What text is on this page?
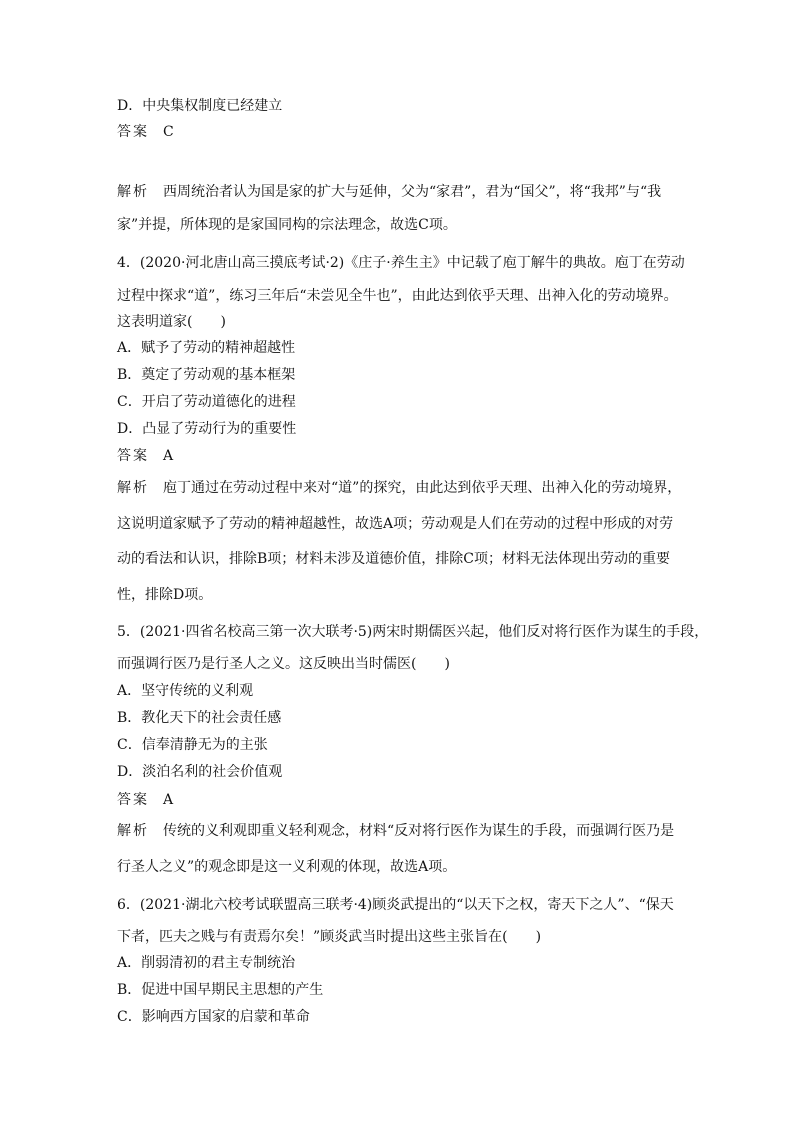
D．中央集权制度已经建立
答案 C
解析 西周统治者认为国是家的扩大与延伸，父为“家君”，君为“国父”，将“我邦”与“我
家”并提，所体现的是家国同构的宗法理念，故选C项。
4．(2020·河北唐山高三摸底考试·2)《庄子·养生主》中记载了庖丁解牛的典故。庖丁在劳动
过程中探求“道”，练习三年后“未尝见全牛也”，由此达到依乎天理、出神入化的劳动境界。
这表明道家(　　)
A．赋予了劳动的精神超越性
B．奠定了劳动观的基本框架
C．开启了劳动道德化的进程
D．凸显了劳动行为的重要性
答案 A
解析 庖丁通过在劳动过程中来对“道”的探究，由此达到依乎天理、出神入化的劳动境界，
这说明道家赋予了劳动的精神超越性，故选A项；劳动观是人们在劳动的过程中形成的对劳
动的看法和认识，排除B项；材料未涉及道德价值，排除C项；材料无法体现出劳动的重要
性，排除D项。
5．(2021·四省名校高三第一次大联考·5)两宋时期儒医兴起，他们反对将行医作为谋生的手段，
而强调行医乃是行圣人之义。这反映出当时儒医(　　)
A．坚守传统的义利观
B．教化天下的社会责任感
C．信奉清静无为的主张
D．淡泊名利的社会价值观
答案 A
解析 传统的义利观即重义轻利观念，材料“反对将行医作为谋生的手段，而强调行医乃是
行圣人之义”的观念即是这一义利观的体现，故选A项。
6．(2021·湖北六校考试联盟高三联考·4)顾炎武提出的“以天下之权，寄天下之人”、“保天
下者，匹夫之贱与有责焉尔矣！”顾炎武当时提出这些主张旨在(　　)
A．削弱清初的君主专制统治
B．促进中国早期民主思想的产生
C．影响西方国家的启蒙和革命
